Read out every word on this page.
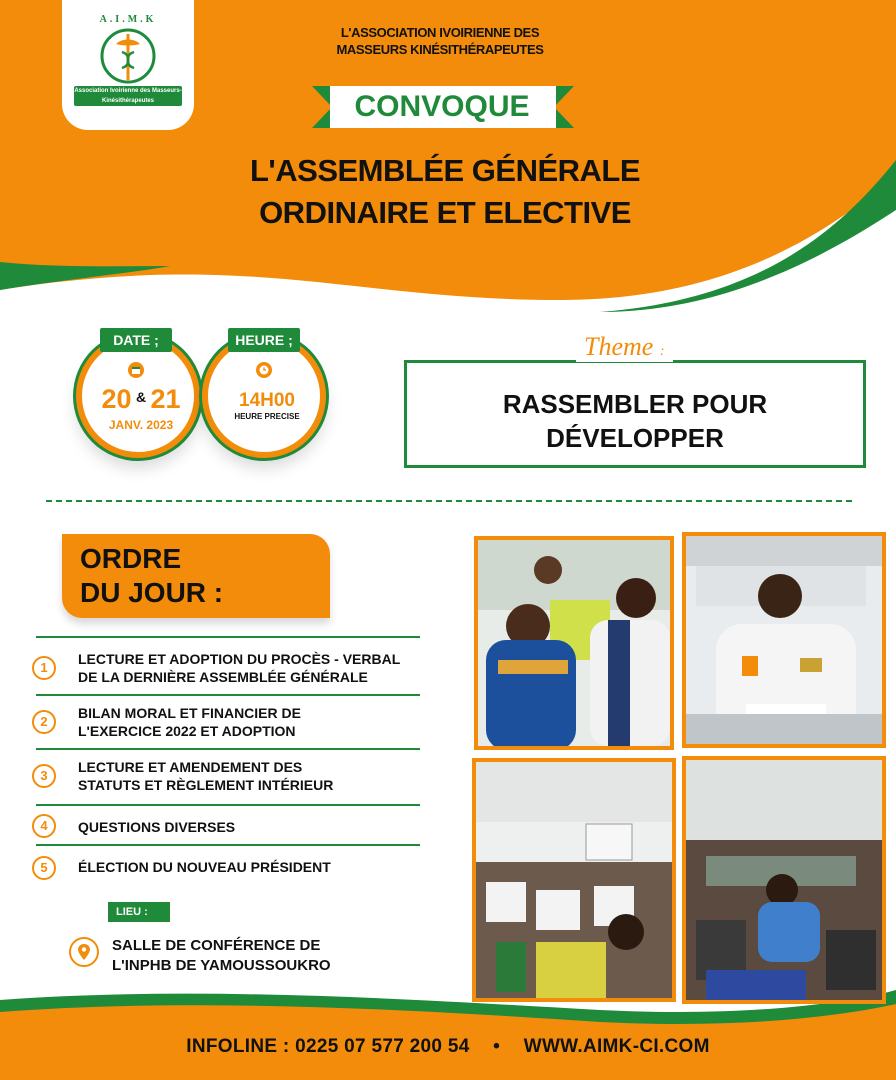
A.I.M.K
Association Ivoirienne des Masseurs-Kinésithérapeutes
L'ASSOCIATION IVOIRIENNE DES
MASSEURS KINÉSITHÉRAPEUTES
CONVOQUE
L'ASSEMBLÉE GÉNÉRALE
ORDINAIRE ET ELECTIVE
DATE ;
20 & 21
JANV. 2023
HEURE ;
14H00
HEURE PRECISE	RASSEMBLER POUR
DÉVELOPPER
Theme :
ORDRE
DU JOUR :
1
LECTURE ET ADOPTION DU PROCÈS - VERBAL
DE LA DERNIÈRE ASSEMBLÉE GÉNÉRALE
2
BILAN MORAL ET FINANCIER DE
L'EXERCICE 2022 ET ADOPTION
3
LECTURE ET AMENDEMENT DES
STATUTS ET RÈGLEMENT INTÉRIEUR
4	QUESTIONS DIVERSES
5	ÉLECTION DU NOUVEAU PRÉSIDENT
LIEU :
SALLE DE CONFÉRENCE DE
L'INPHB DE YAMOUSSOUKRO
INFOLINE : 0225 07 577 200 54 • WWW.AIMK-CI.COM
